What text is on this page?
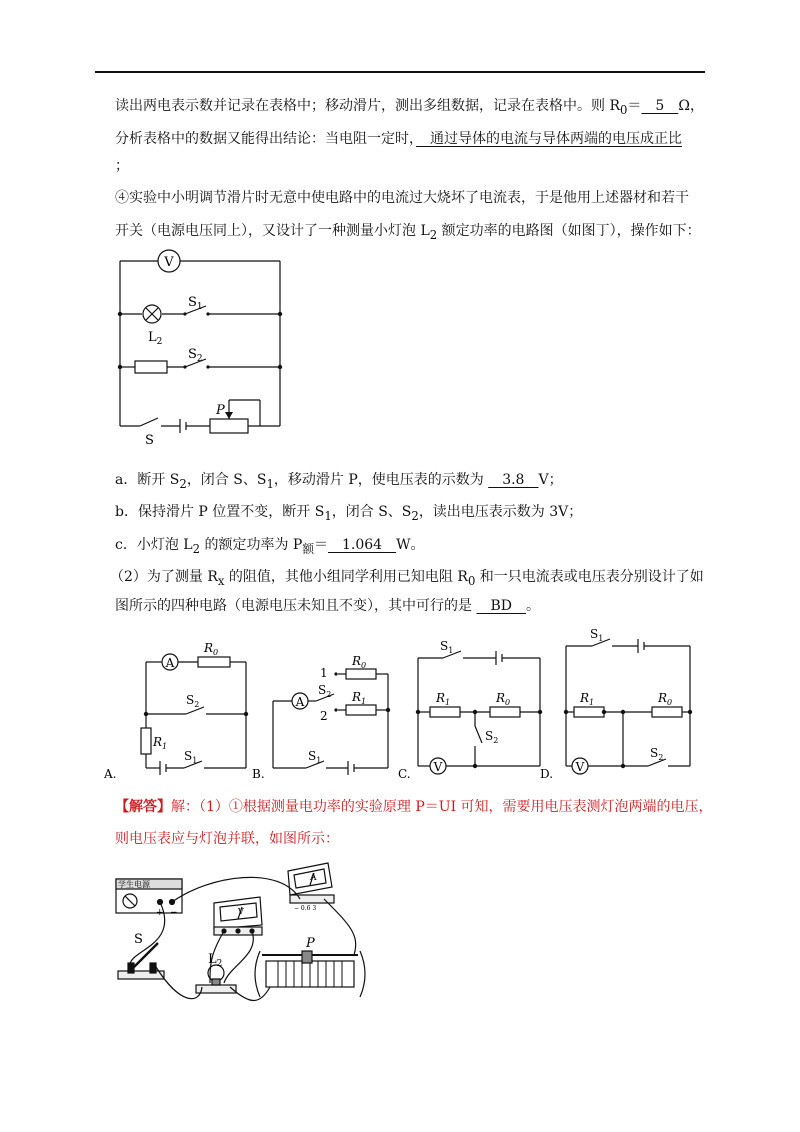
读出两电表示数并记录在表格中；移动滑片，测出多组数据，记录在表格中。则 $R_0=$　5　Ω，
分析表格中的数据又能得出结论：当电阻一定时，　通过导体的电流与导体两端的电压成正比
；
④实验中小明调节滑片时无意中使电路中的电流过大烧坏了电流表，于是他用上述器材和若干
开关（电源电压同上），又设计了一种测量小灯泡 $L_2$ 额定功率的电路图（如图丁），操作如下：
V
$S_1$
$L_2$
$S_2$
P
S
a．断开 $S_2$，闭合 S、$S_1$，移动滑片 P，使电压表的示数为 　3.8　V；
b．保持滑片 P 位置不变，断开 $S_1$，闭合 S、$S_2$，读出电压表示数为 3V；
c．小灯泡 $L_2$ 的额定功率为 $P_额=$　1.064　W。
（2）为了测量 $R_x$ 的阻值，其他小组同学利用已知电阻 $R_0$ 和一只电流表或电压表分别设计了如
图所示的四种电路（电源电压未知且不变），其中可行的是 　BD　。
A
$R_0$
$S_2$
$R_1$
$S_1$
A.
A
$R_0$
$R_1$
1
2
$S_2$
$S_1$
B.
$S_1$
$R_1$	$R_0$
$S_2$
V
C.
$S_1$
$R_1$	$R_0$
$S_2$
V
D.
【解答】解：（1）①根据测量电功率的实验原理 P＝UI 可知，需要用电压表测灯泡两端的电压，
则电压表应与灯泡并联，如图所示：
学生电源
+ −	V
A
− 0.6 3
S
$L_2$
P
